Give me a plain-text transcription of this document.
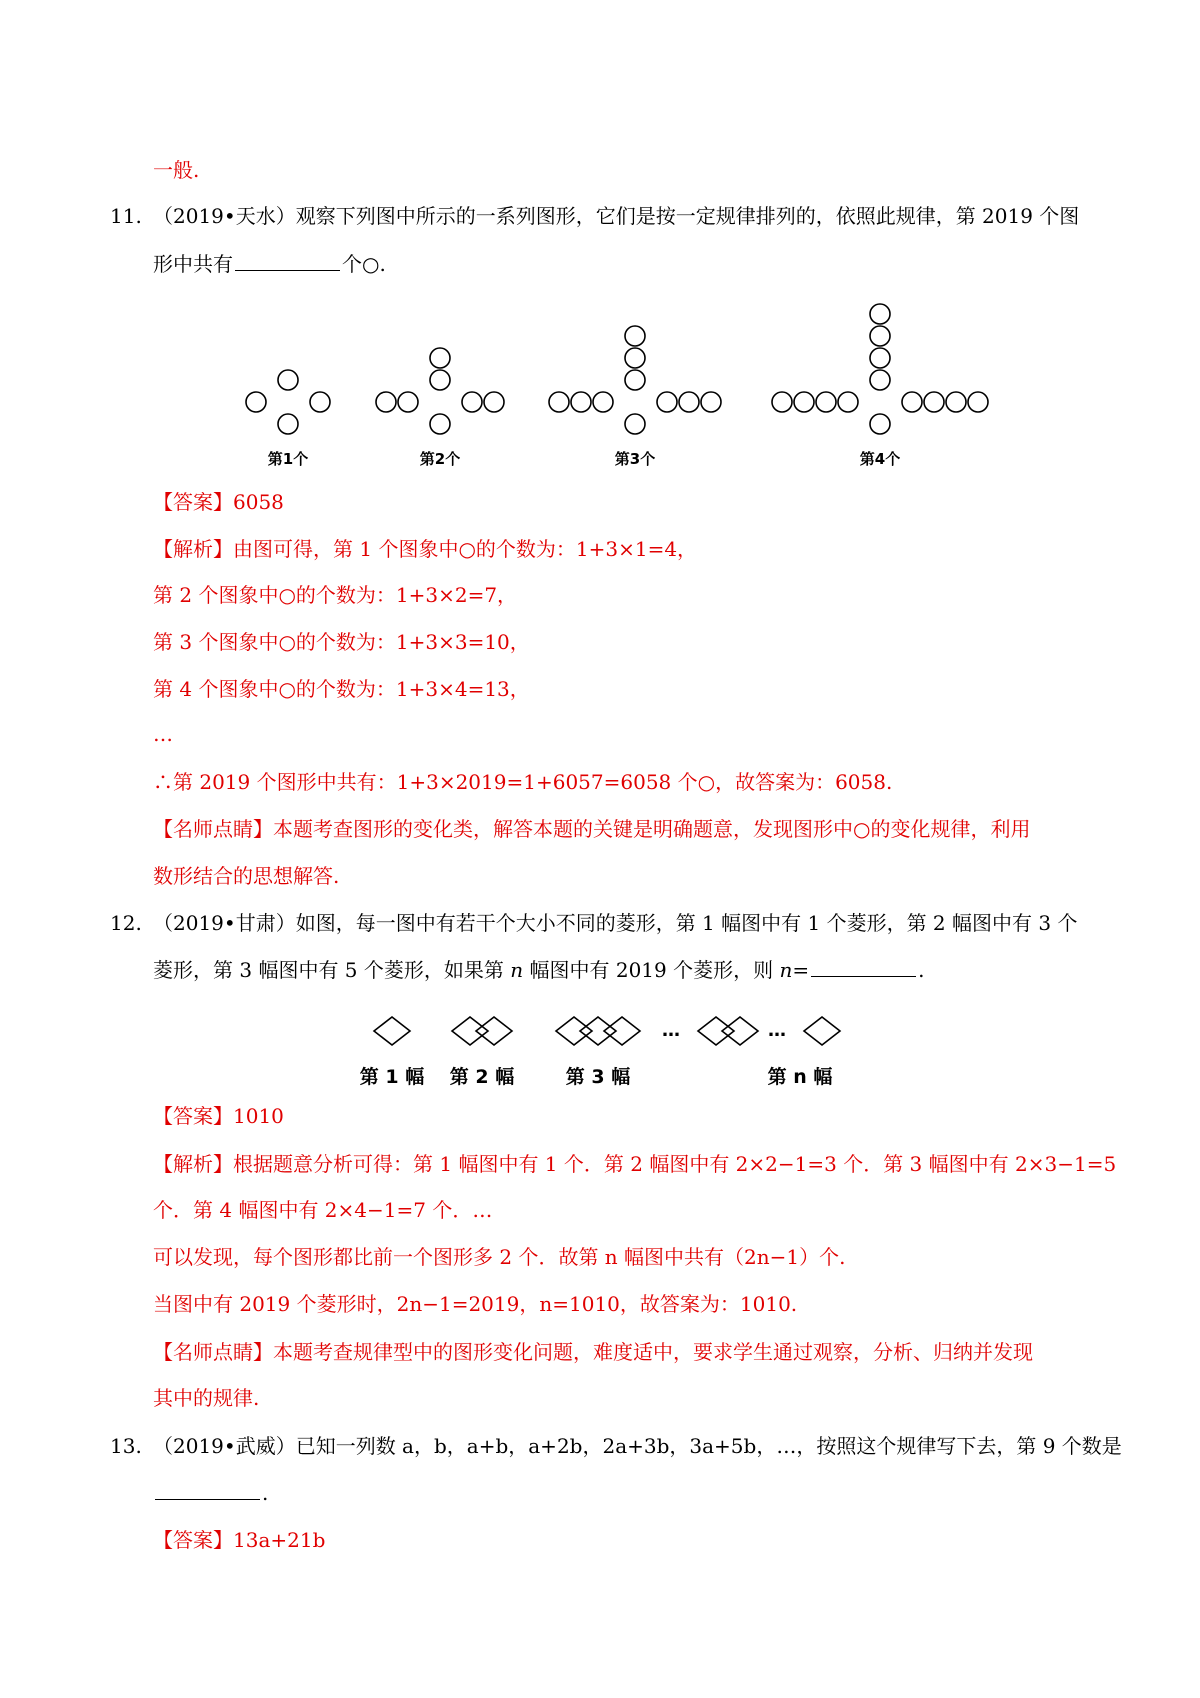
一般.
11. （2019•天水）观察下列图中所示的一系列图形，它们是按一定规律排列的，依照此规律，第 2019 个图
形中共有	个○.
第1个	第2个	第3个	第4个
【答案】6058
【解析】由图可得，第 1 个图象中○的个数为：1+3×1=4，
第 2 个图象中○的个数为：1+3×2=7，
第 3 个图象中○的个数为：1+3×3=10，
第 4 个图象中○的个数为：1+3×4=13，
…
∴第 2019 个图形中共有：1+3×2019=1+6057=6058 个○，故答案为：6058.
【名师点睛】本题考查图形的变化类，解答本题的关键是明确题意，发现图形中○的变化规律，利用
数形结合的思想解答.
12. （2019•甘肃）如图，每一图中有若干个大小不同的菱形，第 1 幅图中有 1 个菱形，第 2 幅图中有 3 个
菱形，第 3 幅图中有 5 个菱形，如果第 n 幅图中有 2019 个菱形，则 n=	.
…	…
第 1 幅 第 2 幅	第 3 幅	第 n 幅
【答案】1010
【解析】根据题意分析可得：第 1 幅图中有 1 个．第 2 幅图中有 2×2−1=3 个．第 3 幅图中有 2×3−1=5
个．第 4 幅图中有 2×4−1=7 个．…
可以发现，每个图形都比前一个图形多 2 个．故第 n 幅图中共有（2n−1）个.
当图中有 2019 个菱形时，2n−1=2019，n=1010，故答案为：1010.
【名师点睛】本题考查规律型中的图形变化问题，难度适中，要求学生通过观察，分析、归纳并发现
其中的规律.
13. （2019•武威）已知一列数 a，b，a+b，a+2b，2a+3b，3a+5b，…，按照这个规律写下去，第 9 个数是
.
【答案】13a+21b
